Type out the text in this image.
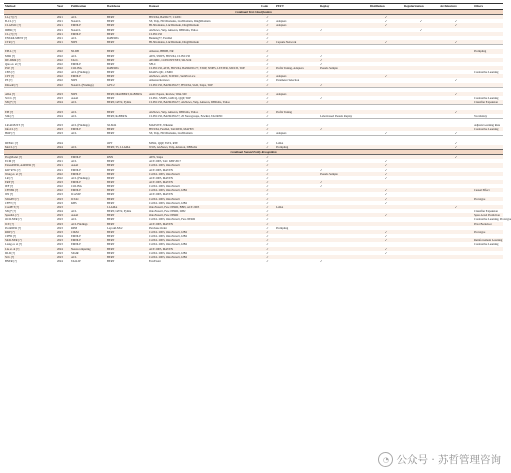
Method	Year	Publication	Backbone	Dataset	Code	PEFT	Replay	Distillation	Regularization	Architecture	Others
Continual Text Classification											
LL-[?] [?]	2021	ACL	BERT	HWU64, BANK77, CLINC	✓			✓			
B-CL [?]	2021	NAACL	BERT	SE, Yelp, HL5Domains, Liu3Domain, Ding9Domain	✓	Adapters		✓	✓	✓	
CLASSIC [?]	2021	EMNLP	BERT	HL5Domains, Liu3Domain, Ding9Domain	✓	Adapters		✓		✓	
IDBR [?]	2021	NAACL	BERT	AGNews, Yelp, Amazon, DBPedia, Yahoo	✓		✓		✓		
CL-[?] [?]	2021	EMNLP	BERT	CLINC150	✓						
ENTAILMENT [?]	2021	ACL	RoBERTa	Banking77, FewRel	✓						
CTR [?]	2021	NIPS	BERT	HL5Domains, Liu3Domain, Ding9Domain	✓	Capsule Network		✓		✓	

EPI-L [?]	2022	NLDB	BERT	Amazon, BBDB, NR	✓						Prompting
MSR [?]	2022	ACL	BERT	ATIS, SNIPS, HWU64, CLINC150	✓		✓				
DE-DMR [?]	2022	TACL	BERT	ATOMIC, CONCEPTNET, SR-SCR	✓		✓				
Qiao et. al [?]	2022	EMNLP	BERT	SFLC	✓		✓				
PLE [?]	2022	COLING	RoBERTa	CLINC150, ATIS, HWU64, BANKING77, STOP, SNIPS, LESTER, MULTI, TOP	✓	Prefix Tuning, Adapters	Pseudo Sample				
CBS [?]	2022	ACL (Findings)	BERT	KIARS-QIC, CMID	✓						Contrastive Learning
CPT [?]	2022	EMNLP	BERT	AGNews, AGN, SCIERC, SemEval-rce	✓	Adapters		✓			
PE [?]	2022	NIPS	BERT	Amazon Reviews	✓	Parameter Selection				✓	
PAGeR [?]	2022	NAACL (Findings)	GPT-2	CLINC150, BANKING77, HWU64, SGD, Snips, TOP	✓		✓				

ADA [?]	2023	NIPS	BERT, DistilBERT, RoBERTa	Arxiv Papers, Review, Wiki-500	✓	Adapters				✓	
SCCL [?]	2023	AAAI	BERT	CLINC, SNIPS, GMCQ, QQP, TOP	✓		✓				Contrastive Learning
SEQ* [?]	2024	ACL	BERT, GPT2, Pythia	CLINC150, BANKING77, AGNews, Yelp, Amazon, DBPedia, Yahoo	✓						Classifier Expansion

EPI [?]	2023	ACL	BERT	AGNews, Yelp, Amazon, DBPedia, Yahoo	✓	Prefix Tuning				✓	
SIK [?]	2024	ACL	BERT, RoBERTa	CLINC150, BANKING77, 20 Newsgroups, FewRel, TACRED	✓		Label-based Pseudo Replay				Vocabulary

LR ADJUST [?]	2023	ACL (Findings)	XLM-R	MASSIVE, Wikiann	✓						Adjusts Learning Rate
InfoCL [?]	2023	EMNLP	BERT	HWU64, FewRel, TACRED, MAVEN	✓		✓				Contrastive Learning
HOP [?]	2023	ACL	BERT	SE, Yelp, HL5Domains, Liu3Domain	✓	Adapters		✓		✓	

DEFAC [?]	2024		OPT	MNLI, QQP, SST2, RTE	✓	LoRA				✓	
MoCL [?]	2024	ACL	BERT, T5, LLAMA	WOS, AGNews, Yelp, Amazon, DBPedia	✓	Prompting				✓	
Continual Named Entity Recognition											
ProgModel [?]	2019	EMNLP	RNN	ATIS, Snips	✓					✓	
ECM [?]	2021	ACL	BERT	ACE 2005, TAC KBP 2017	✓			✓			
ExtendNER, AddNER [?]	2021	AAAI	BERT	CoNLL 2003, OntoNotes5	✓			✓			
KD+R+K [?]	2021	EMNLP	BERT	ACE 2005, MAVEN	✓		✓	✓			
Wang et. al [?]	2022	EMNLP	BERT	CoNLL 2003, OntoNotes5	✓		Pseudo Sample	✓			
LR [?]	2022	ACL (Findings)	BERT	ACE 2005, MAVEN	✓			✓			
ERP [?]	2023	EMNLP	BERT	ACE 2005, MAVEN	✓		✓				
IEF [?]	2022	COLING	BERT	CoNLL 2003, OntoNotes5	✓		✓				
CFNER [?]	2022	EMNLP	BERT	CoNLL 2003, OntoNotes5, I2B2	✓			✓			Causal Effect
JIN [?]	2023	ICASSP	BERT	ACE 2005, MAVEN	✓			✓			
SDAPN [?]	2023	ICTAI	BERT	CoNLL 2003, OntoNotes5	✓			✓			Prototype
CFFT [?]	2023	KBS	BERT	CoNLL 2003, OntoNotes5, I2B2	✓			✓			
ConPET [?]	2023		LLAMA	OntoNotes5, Few-NERD, BBN, ACE 2005	✓	LoRA				✓	
SEQ* [?]	2024	ACL	BERT, GPT2, Pythia	OntoNotes5, Few-NERD, I2B2	✓						Classifier Expansion
SpanKL [?]	2023	AAAI	BERT	OntoNotes5, Few-NERD	✓			✓			Span-Level Prediction
OCILNER [?]	2023	ACL	BERT	CoNLL 2003, OntoNotes5, Few-NERD	✓						Contrastive Learning, Prototype
JCE [?]	2023	ACL Findings	BERT	ACE 2005, MAVEN	✓						Prior Backdoor
PromNER [?]	2023	RPM	LayoutLMv2	Purchase Order	✓	Prompting					
RDP [?]	2023	CIKM	BERT	CoNLL 2003, OntoNotes5, I2B2	✓			✓			Prototype
CPFD [?]	2024	EMNLP	BERT	CoNLL 2003, OntoNotes5, I2B2	✓			✓			
SKD-NER [?]	2023	EMNLP	BERT	CoNLL 2003, OntoNotes5	✓			✓			Reinforcement Learning
Liang et. al [?]	2023	EMNLP	BERT	CoNLL 2003, OntoNotes5, I2B2	✓						Contrastive Learning
Liu et. al [?]	2024	Neurocomputing	BERT	ACE 2005, MAVEN	✓			✓			
DLD [?]	2023	SIGIR	BERT	CoNLL 2003, OntoNotes5, I2B2	✓			✓			
SCL [?]	2023	ACL	BERT	CoNLL 2003, OntoNotes5, I2B2	✓						
BNER [?]	2024	TALLIP	BERT	FewEvent	✓		✓				
◔ 公众号 · 苏哲管理咨询
